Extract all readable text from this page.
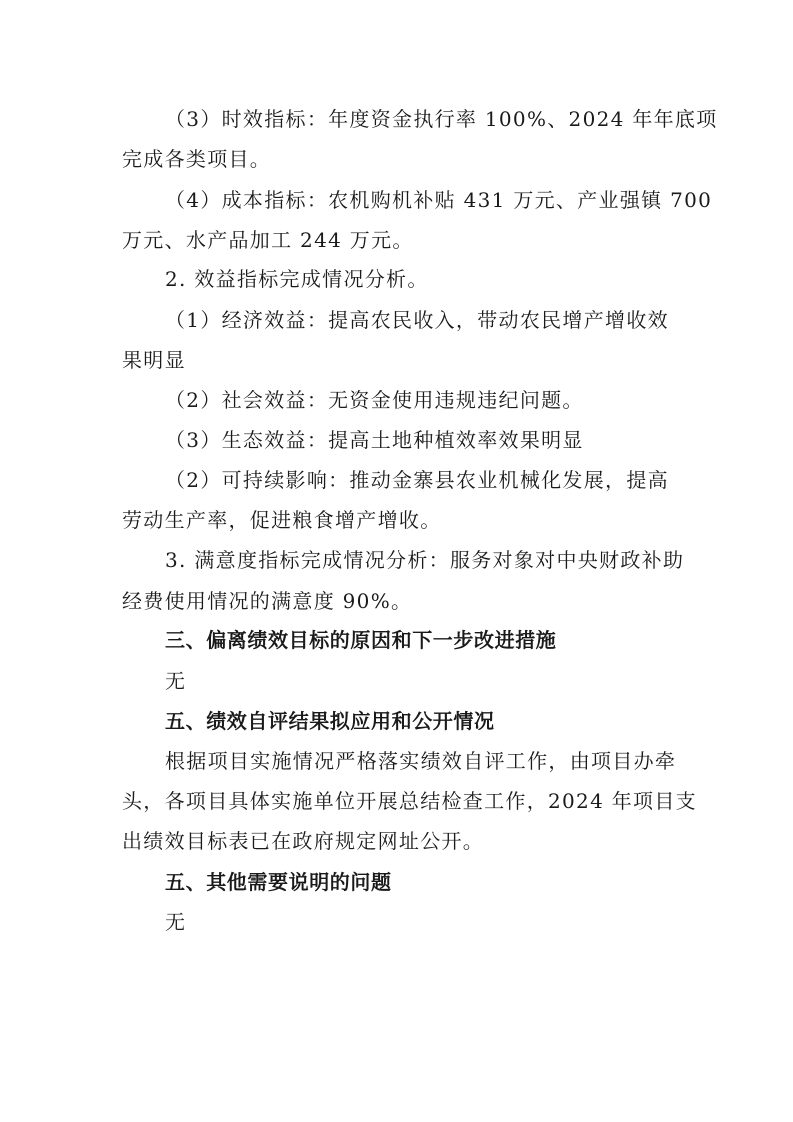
（3）时效指标：年度资金执行率 100%、2024 年年底项

完成各类项目。

（4）成本指标：农机购机补贴 431 万元、产业强镇 700

万元、水产品加工 244 万元。

2. 效益指标完成情况分析。

（1）经济效益：提高农民收入，带动农民增产增收效

果明显

（2）社会效益：无资金使用违规违纪问题。

（3）生态效益：提高土地种植效率效果明显

（2）可持续影响：推动金寨县农业机械化发展，提高

劳动生产率，促进粮食增产增收。

3. 满意度指标完成情况分析：服务对象对中央财政补助

经费使用情况的满意度 90%。

三、偏离绩效目标的原因和下一步改进措施

无

五、绩效自评结果拟应用和公开情况

根据项目实施情况严格落实绩效自评工作，由项目办牵

头，各项目具体实施单位开展总结检查工作，2024 年项目支

出绩效目标表已在政府规定网址公开。

五、其他需要说明的问题

无
